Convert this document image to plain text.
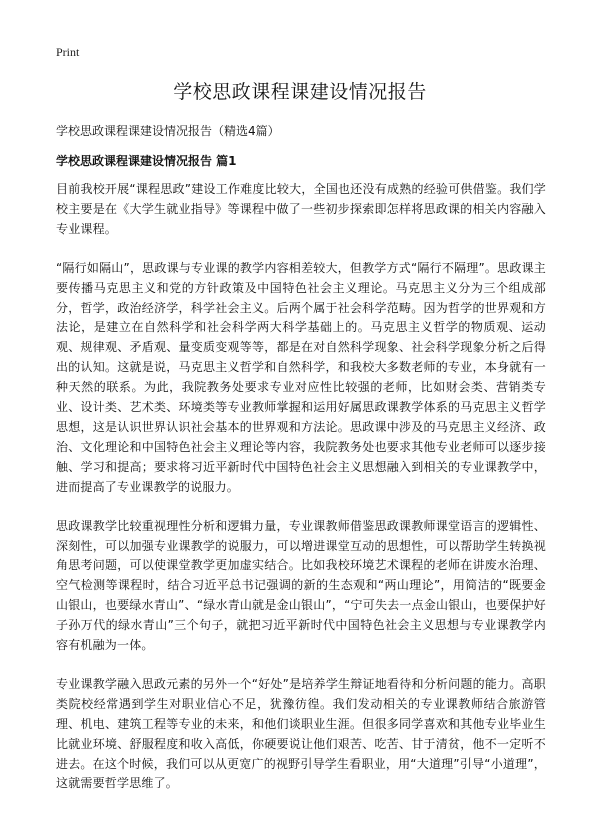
Print
学校思政课程课建设情况报告

学校思政课程课建设情况报告（精选4篇）

学校思政课程课建设情况报告 篇1

目前我校开展“课程思政”建设工作难度比较大，全国也还没有成熟的经验可供借鉴。我们学校主要是在《大学生就业指导》等课程中做了一些初步探索即怎样将思政课的相关内容融入专业课程。

“隔行如隔山”，思政课与专业课的教学内容相差较大，但教学方式“隔行不隔理”。思政课主要传播马克思主义和党的方针政策及中国特色社会主义理论。马克思主义分为三个组成部分，哲学，政治经济学，科学社会主义。后两个属于社会科学范畴。因为哲学的世界观和方法论，是建立在自然科学和社会科学两大科学基础上的。马克思主义哲学的物质观、运动观、规律观、矛盾观、量变质变观等等，都是在对自然科学现象、社会科学现象分析之后得出的认知。这就是说，马克思主义哲学和自然科学，和我校大多数老师的专业，本身就有一种天然的联系。为此，我院教务处要求专业对应性比较强的老师，比如财会类、营销类专业、设计类、艺术类、环境类等专业教师掌握和运用好属思政课教学体系的马克思主义哲学思想，这是认识世界认识社会基本的世界观和方法论。思政课中涉及的马克思主义经济、政治、文化理论和中国特色社会主义理论等内容，我院教务处也要求其他专业老师可以逐步接触、学习和提高；要求将习近平新时代中国特色社会主义思想融入到相关的专业课教学中，进而提高了专业课教学的说服力。

思政课教学比较重视理性分析和逻辑力量，专业课教师借鉴思政课教师课堂语言的逻辑性、深刻性，可以加强专业课教学的说服力，可以增进课堂互动的思想性，可以帮助学生转换视角思考问题，可以使课堂教学更加虚实结合。比如我校环境艺术课程的老师在讲废水治理、空气检测等课程时，结合习近平总书记强调的新的生态观和“两山理论”，用简洁的“既要金山银山，也要绿水青山”、“绿水青山就是金山银山”，“宁可失去一点金山银山，也要保护好子孙万代的绿水青山”三个句子，就把习近平新时代中国特色社会主义思想与专业课教学内容有机融为一体。

专业课教学融入思政元素的另外一个“好处”是培养学生辩证地看待和分析问题的能力。高职类院校经常遇到学生对职业信心不足，犹豫彷徨。我们发动相关的专业课教师结合旅游管理、机电、建筑工程等专业的未来，和他们谈职业生涯。但很多同学喜欢和其他专业毕业生比就业环境、舒服程度和收入高低，你硬要说让他们艰苦、吃苦、甘于清贫，他不一定听不进去。在这个时候，我们可以从更宽广的视野引导学生看职业，用“大道理”引导“小道理”，这就需要哲学思维了。
